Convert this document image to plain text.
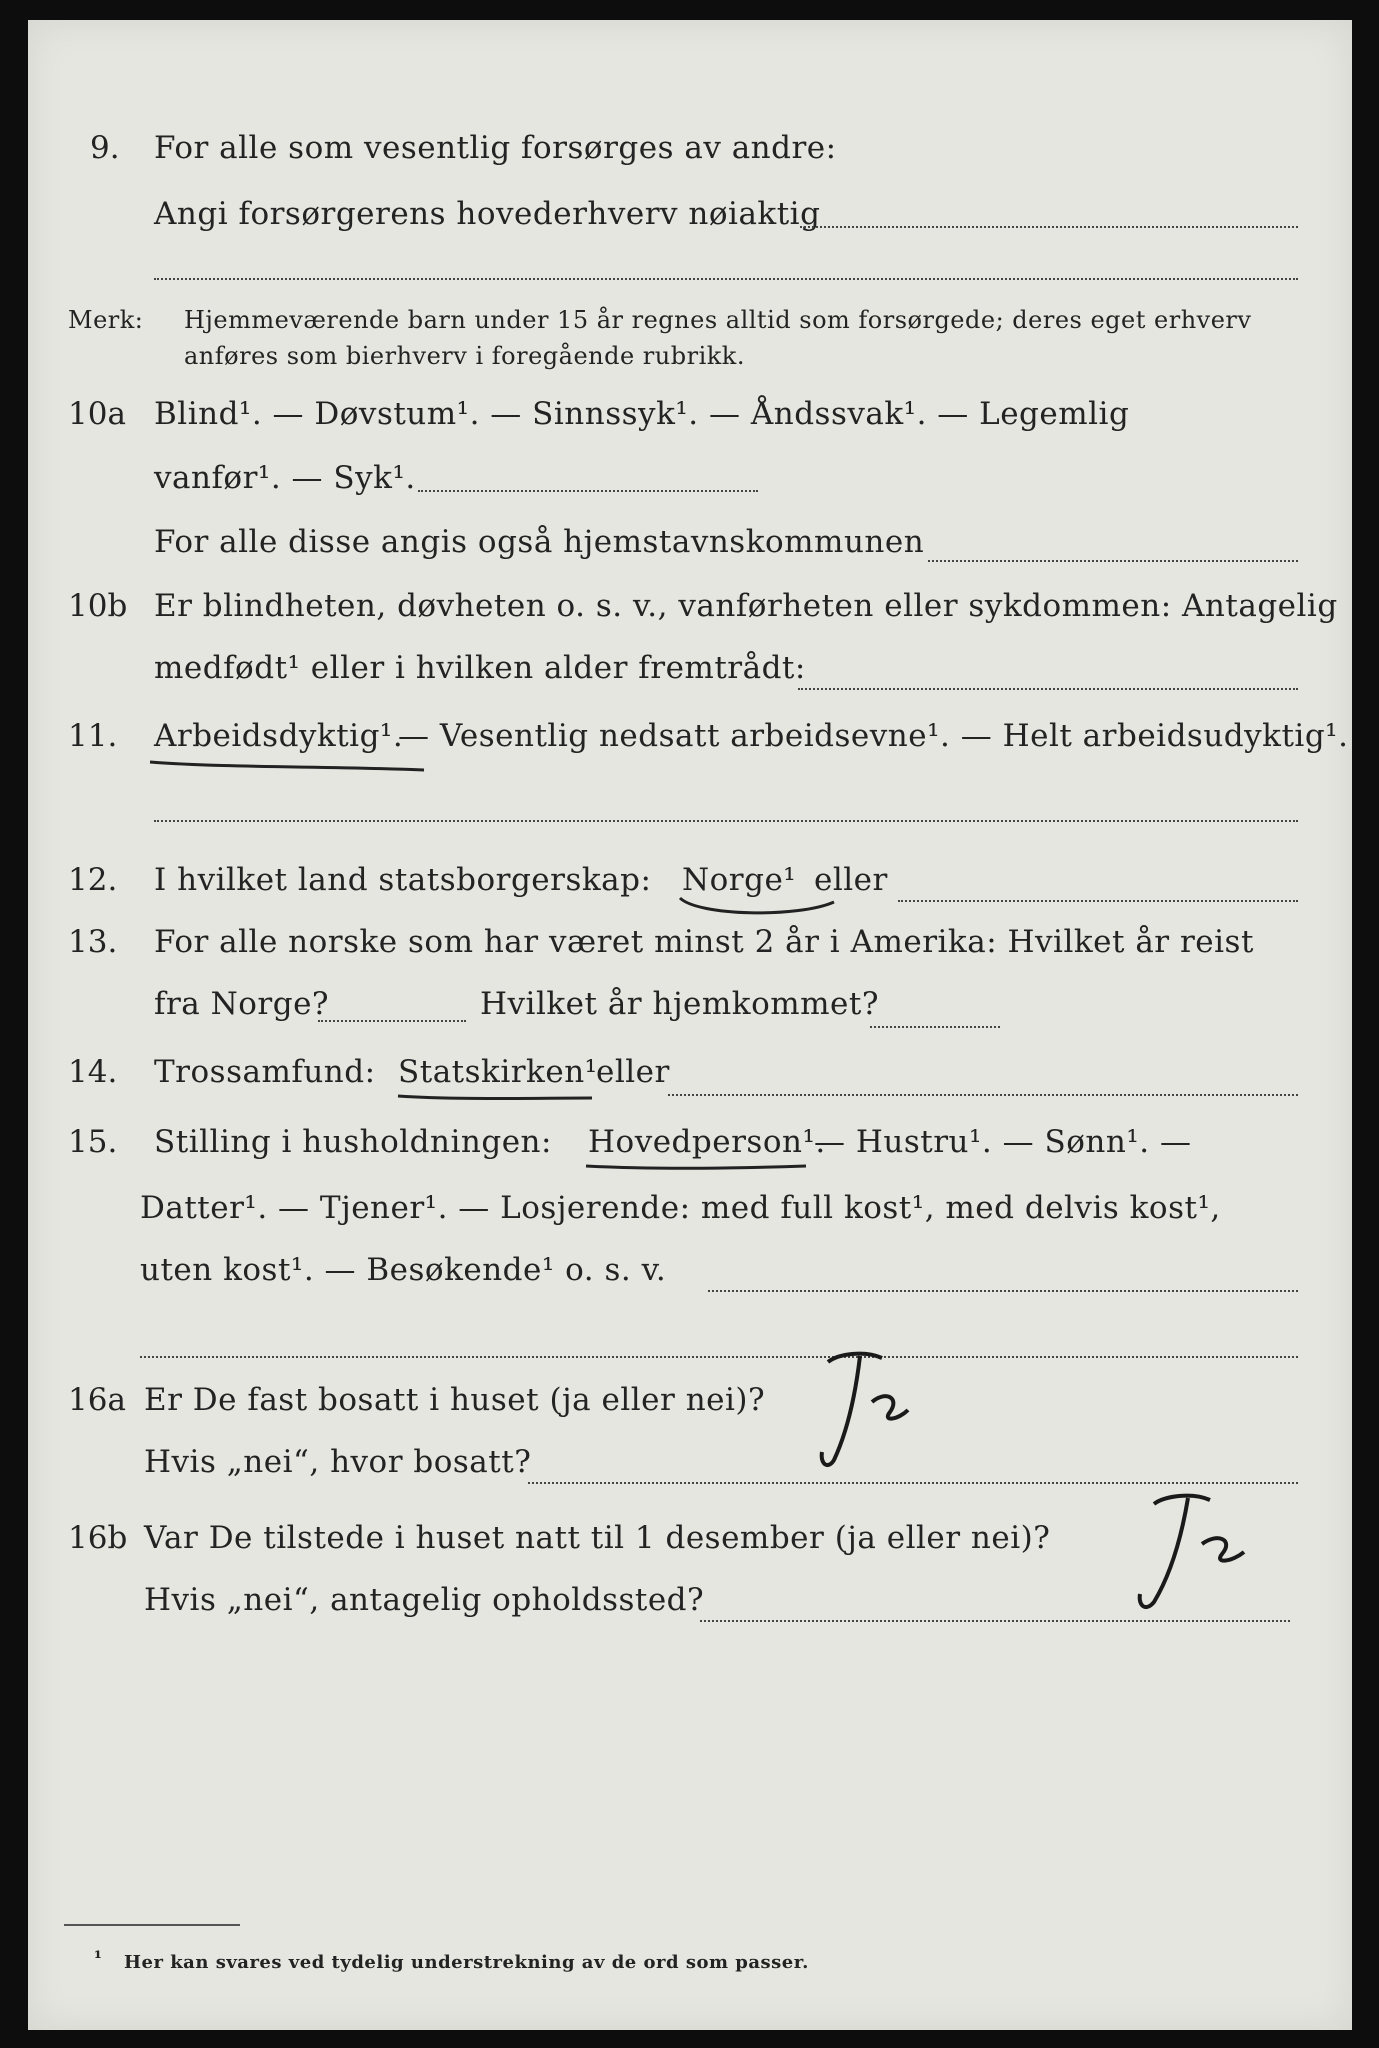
9. For alle som vesentlig forsørges av andre:
Angi forsørgerens hovederhverv nøiaktig
Merk: Hjemmeværende barn under 15 år regnes alltid som forsørgede; deres eget erhverv
anføres som bierhverv i foregående rubrikk.
10a Blind¹. — Døvstum¹. — Sinnssyk¹. — Åndssvak¹. — Legemlig
vanfør¹. — Syk¹.
For alle disse angis også hjemstavnskommunen
10b Er blindheten, døvheten o. s. v., vanførheten eller sykdommen: Antagelig
medfødt¹ eller i hvilken alder fremtrådt:
11. Arbeidsdyktig¹.
— Vesentlig nedsatt arbeidsevne¹. — Helt arbeidsudyktig¹.
12. I hvilket land statsborgerskap: Norge¹ eller
13. For alle norske som har været minst 2 år i Amerika: Hvilket år reist
fra Norge?	Hvilket år hjemkommet?
14. Trossamfund: Statskirken¹
eller
15. Stilling i husholdningen: Hovedperson¹.
— Hustru¹. — Sønn¹. —
Datter¹. — Tjener¹. — Losjerende: med full kost¹, med delvis kost¹,
uten kost¹. — Besøkende¹ o. s. v.
16a Er De fast bosatt i huset (ja eller nei)?
Ja
Hvis „nei“, hvor bosatt?
16b Var De tilstede i huset natt til 1 desember (ja eller nei)?
Ja
Hvis „nei“, antagelig opholdssted?
¹ Her kan svares ved tydelig understrekning av de ord som passer.
